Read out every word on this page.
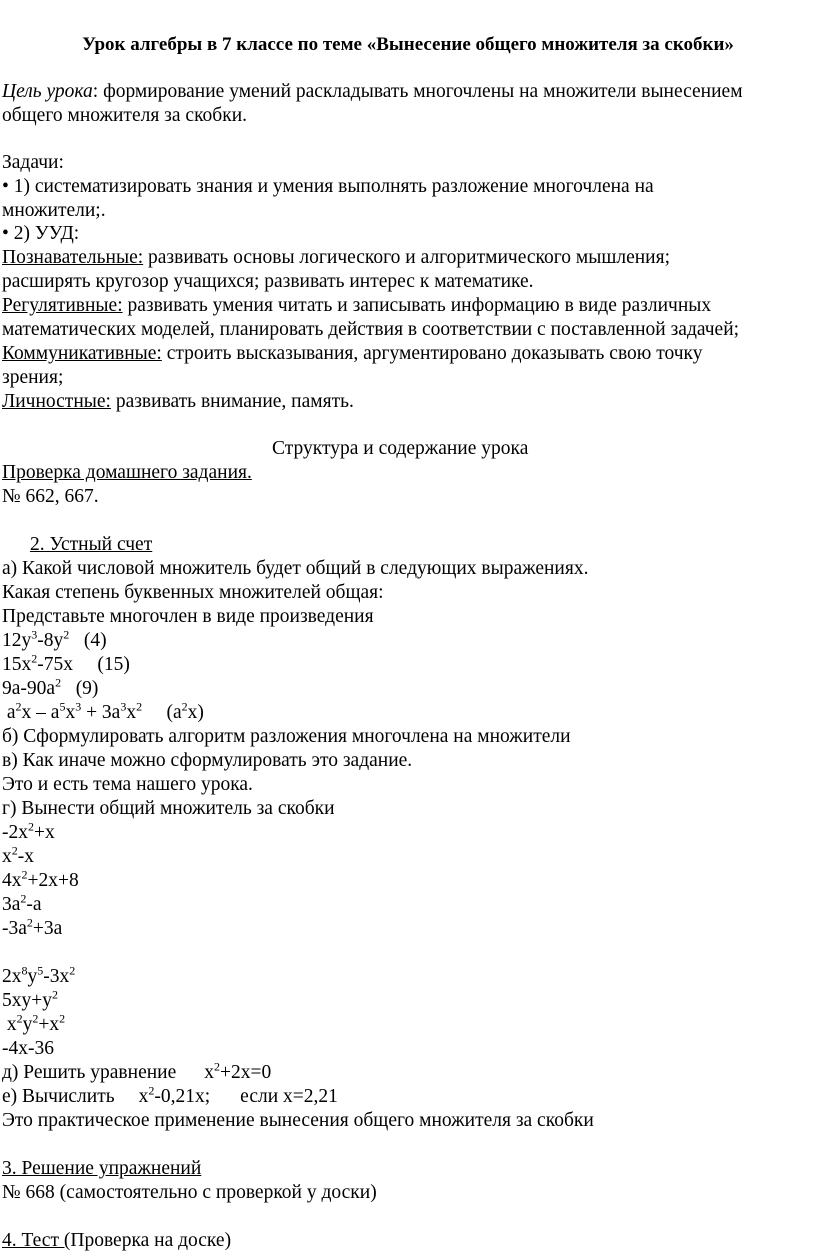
Урок алгебры в 7 классе по теме «Вынесение общего множителя за скобки»
Цель урока: формирование умений раскладывать многочлены на множители вынесением
общего множителя за скобки.
Задачи:
• 1) систематизировать знания и умения выполнять разложение многочлена на
множители;.
• 2) УУД:
Познавательные: развивать основы логического и алгоритмического мышления;
расширять кругозор учащихся; развивать интерес к математике.
Регулятивные: развивать умения читать и записывать информацию в виде различных
математических моделей, планировать действия в соответствии с поставленной задачей;
Коммуникативные: строить высказывания, аргументировано доказывать свою точку
зрения;
Личностные: развивать внимание, память.
Структура и содержание урока
Проверка домашнего задания.
№ 662, 667.
2. Устный счет
а) Какой числовой множитель будет общий в следующих выражениях.
Какая степень буквенных множителей общая:
Представьте многочлен в виде произведения
$12y^3-8y^2$   (4)
$15x^2-75x$     (15)
$9a-90a^2$   (9)
$a^2x - a^5x^3 + 3a^3x^2$     $(a^2x)$
б) Сформулировать алгоритм разложения многочлена на множители
в) Как иначе можно сформулировать это задание.
Это и есть тема нашего урока.
г) Вынести общий множитель за скобки
$-2x^2+x$
$x^2-x$
$4x^2+2x+8$
$3a^2-a$
$-3a^2+3a$
$2x^8y^5-3x^2$
$5xy+y^2$
$x^2y^2+x^2$
-4x-36
д) Решить уравнение $x^2+2x=0$
е) Вычислить $x^2-0,21x$; если х=2,21
Это практическое применение вынесения общего множителя за скобки
3. Решение упражнений
№ 668 (самостоятельно с проверкой у доски)
4. Тест (Проверка на доске)
